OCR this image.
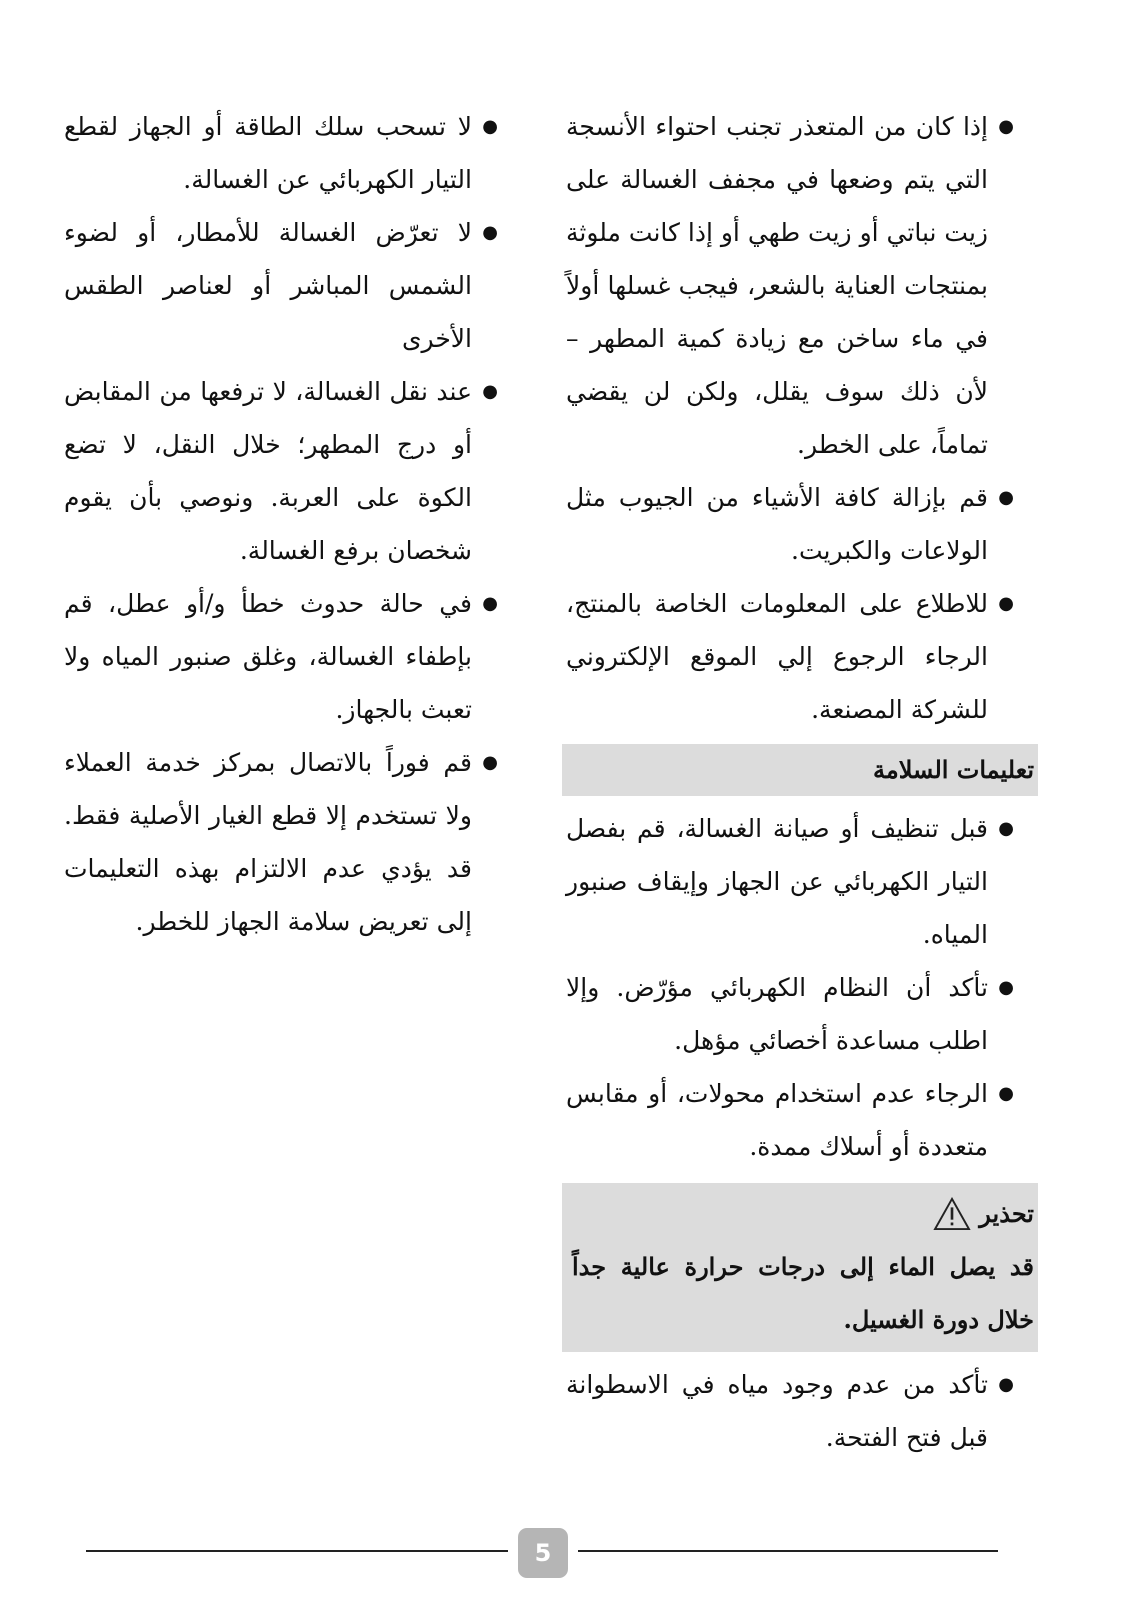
●
إذا كان من المتعذر تجنب احتواء الأنسجة التي يتم وضعها في مجفف الغسالة على زيت نباتي أو زيت طهي أو إذا كانت ملوثة بمنتجات العناية بالشعر، فيجب غسلها أولاً في ماء ساخن مع زيادة كمية المطهر – لأن ذلك سوف يقلل، ولكن لن يقضي تماماً، على الخطر.
●
قم بإزالة كافة الأشياء من الجيوب مثل الولاعات والكبريت.
●
للاطلاع على المعلومات الخاصة بالمنتج، الرجاء الرجوع إلي الموقع الإلكتروني للشركة المصنعة.
تعليمات السلامة
●
قبل تنظيف أو صيانة الغسالة، قم بفصل التيار الكهربائي عن الجهاز وإيقاف صنبور المياه.
●
تأكد أن النظام الكهربائي مؤرّض. وإلا اطلب مساعدة أخصائي مؤهل.
●
الرجاء عدم استخدام محولات، أو مقابس متعددة أو أسلاك ممدة.
تحذير
قد يصل الماء إلى درجات حرارة عالية جداً خلال دورة الغسيل.
●
تأكد من عدم وجود مياه في الاسطوانة قبل فتح الفتحة.
●
لا تسحب سلك الطاقة أو الجهاز لقطع التيار الكهربائي عن الغسالة.
●
لا تعرّض الغسالة للأمطار، أو لضوء الشمس المباشر أو لعناصر الطقس الأخرى
●
عند نقل الغسالة، لا ترفعها من المقابض أو درج المطهر؛ خلال النقل، لا تضع الكوة على العربة. ونوصي بأن يقوم شخصان برفع الغسالة.
●
في حالة حدوث خطأ و/أو عطل، قم بإطفاء الغسالة، وغلق صنبور المياه ولا تعبث بالجهاز.
●
قم فوراً بالاتصال بمركز خدمة العملاء ولا تستخدم إلا قطع الغيار الأصلية فقط. قد يؤدي عدم الالتزام بهذه التعليمات إلى تعريض سلامة الجهاز للخطر.
5
